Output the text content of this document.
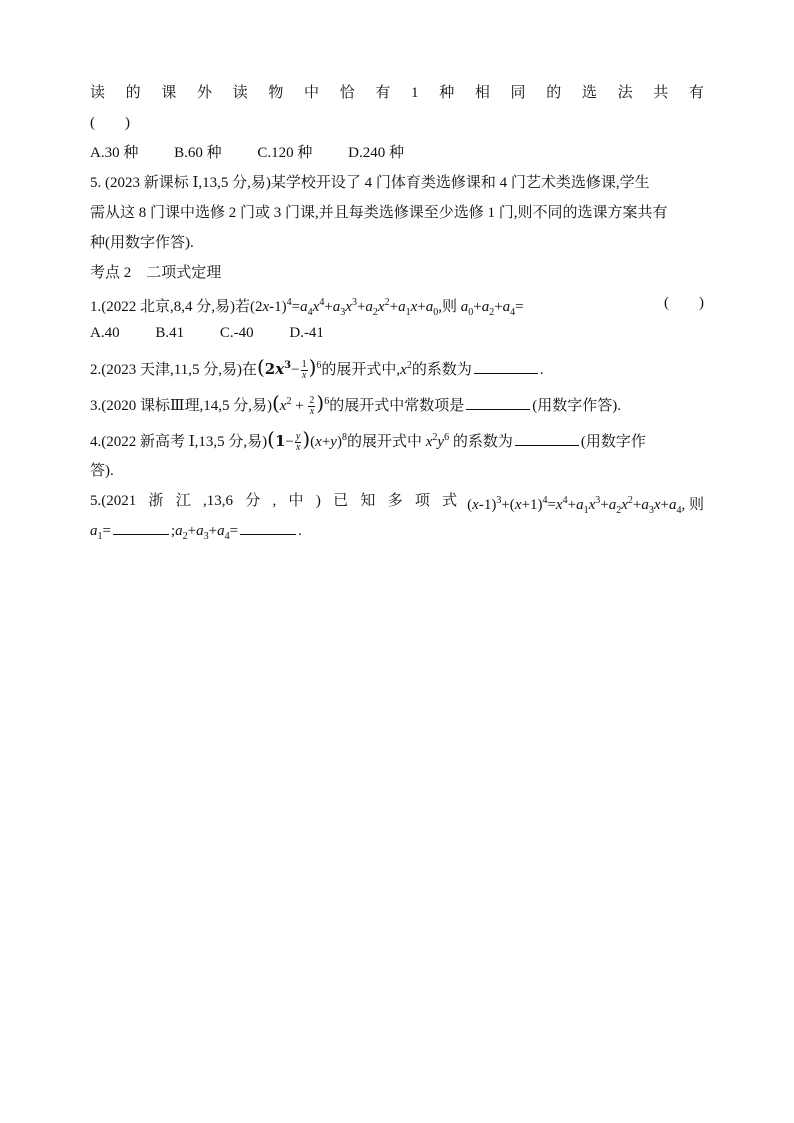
读 的 课 外 读 物 中 恰 有 1 种 相 同 的 选 法 共 有
(　　)
A.30 种 B.60 种 C.120 种 D.240 种
5. (2023 新课标 Ⅰ,13,5 分,易)某学校开设了 4 门体育类选修课和 4 门艺术类选修课,学生
需从这 8 门课中选修 2 门或 3 门课,并且每类选修课至少选修 1 门,则不同的选课方案共有
种(用数字作答).
考点 2　二项式定理
1.(2022 北京,8,4 分,易)若$(2x-1)^4=a_4x^4+a_3x^3+a_2x^2+a_1x+a_0$,则 $a_0+a_2+a_4=$	(　　)
A.40 B.41 C.-40 D.-41
2.(2023 天津,11,5 分,易)在$(2x^3- \frac{1}{x} )^6$的展开式中$,x^2$的系数为	.
3.(2020 课标Ⅲ理,14,5 分,易)$(x^2 + \frac{2}{x} )^6$的展开式中常数项是	(用数字作答).
4.(2022 新高考 Ⅰ,13,5 分,易)$(1- \frac{y}{x} )(x+y)^8$的展开式中 $x^2y^6$ 的系数为	(用数字作
答).
5.(2021 浙 江 ,13,6 分 , 中 ) 已 知 多 项 式 $(x-1)^3+(x+1)^4=x^4+a_1x^3+a_2x^2+a_3x+a_4$, 则
$a_1=$	$;a_2+a_3+a_4=$	.
